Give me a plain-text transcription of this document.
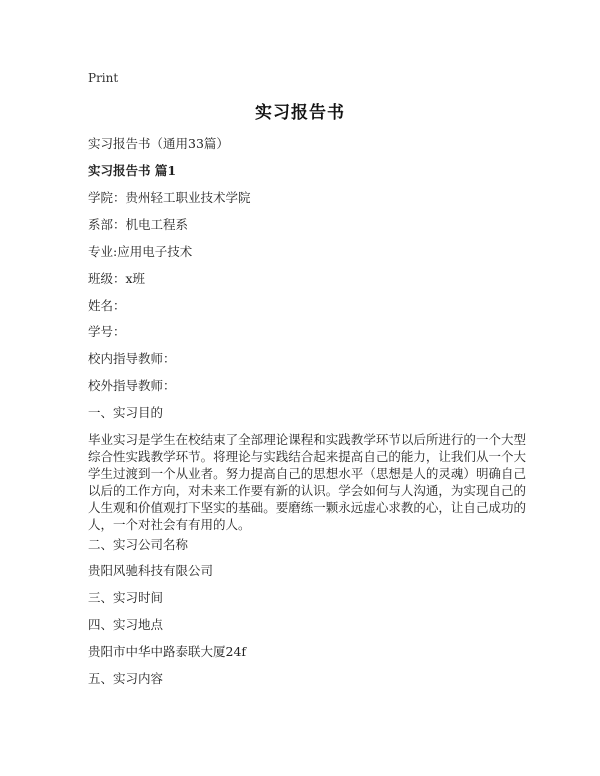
Print
实习报告书
实习报告书（通用33篇）
实习报告书 篇1
学院：贵州轻工职业技术学院
系部：机电工程系
专业:应用电子技术
班级：x班
姓名：
学号：
校内指导教师：
校外指导教师：
一、实习目的
毕业实习是学生在校结束了全部理论课程和实践教学环节以后所进行的一个大型综合性实践教学环节。将理论与实践结合起来提高自己的能力，让我们从一个大学生过渡到一个从业者。努力提高自己的思想水平（思想是人的灵魂）明确自己以后的工作方向，对未来工作要有新的认识。学会如何与人沟通，为实现自己的人生观和价值观打下坚实的基础。要磨练一颗永远虚心求教的心，让自己成功的人，一个对社会有有用的人。
二、实习公司名称
贵阳风驰科技有限公司
三、实习时间
四、实习地点
贵阳市中华中路泰联大厦24f
五、实习内容
